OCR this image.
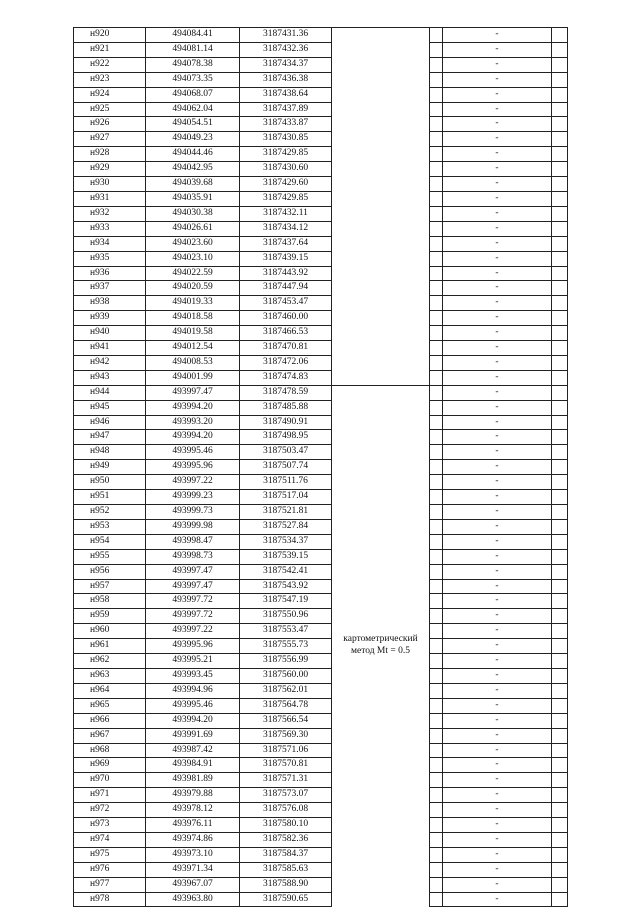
н920	494084.41	3187431.36			-	
н921	494081.14	3187432.36			-	
н922	494078.38	3187434.37			-	
н923	494073.35	3187436.38			-	
н924	494068.07	3187438.64			-	
н925	494062.04	3187437.89			-	
н926	494054.51	3187433.87			-	
н927	494049.23	3187430.85			-	
н928	494044.46	3187429.85			-	
н929	494042.95	3187430.60			-	
н930	494039.68	3187429.60			-	
н931	494035.91	3187429.85			-	
н932	494030.38	3187432.11			-	
н933	494026.61	3187434.12			-	
н934	494023.60	3187437.64			-	
н935	494023.10	3187439.15			-	
н936	494022.59	3187443.92			-	
н937	494020.59	3187447.94			-	
н938	494019.33	3187453.47			-	
н939	494018.58	3187460.00			-	
н940	494019.58	3187466.53			-	
н941	494012.54	3187470.81			-	
н942	494008.53	3187472.06			-	
н943	494001.99	3187474.83			-	
н944	493997.47	3187478.59	картометрический
метод Mt = 0.5		-	
н945	493994.20	3187485.88			-	
н946	493993.20	3187490.91			-	
н947	493994.20	3187498.95			-	
н948	493995.46	3187503.47			-	
н949	493995.96	3187507.74			-	
н950	493997.22	3187511.76			-	
н951	493999.23	3187517.04			-	
н952	493999.73	3187521.81			-	
н953	493999.98	3187527.84			-	
н954	493998.47	3187534.37			-	
н955	493998.73	3187539.15			-	
н956	493997.47	3187542.41			-	
н957	493997.47	3187543.92			-	
н958	493997.72	3187547.19			-	
н959	493997.72	3187550.96			-	
н960	493997.22	3187553.47			-	
н961	493995.96	3187555.73			-	
н962	493995.21	3187556.99			-	
н963	493993.45	3187560.00			-	
н964	493994.96	3187562.01			-	
н965	493995.46	3187564.78			-	
н966	493994.20	3187566.54			-	
н967	493991.69	3187569.30			-	
н968	493987.42	3187571.06			-	
н969	493984.91	3187570.81			-	
н970	493981.89	3187571.31			-	
н971	493979.88	3187573.07			-	
н972	493978.12	3187576.08			-	
н973	493976.11	3187580.10			-	
н974	493974.86	3187582.36			-	
н975	493973.10	3187584.37			-	
н976	493971.34	3187585.63			-	
н977	493967.07	3187588.90			-	
н978	493963.80	3187590.65			-	
